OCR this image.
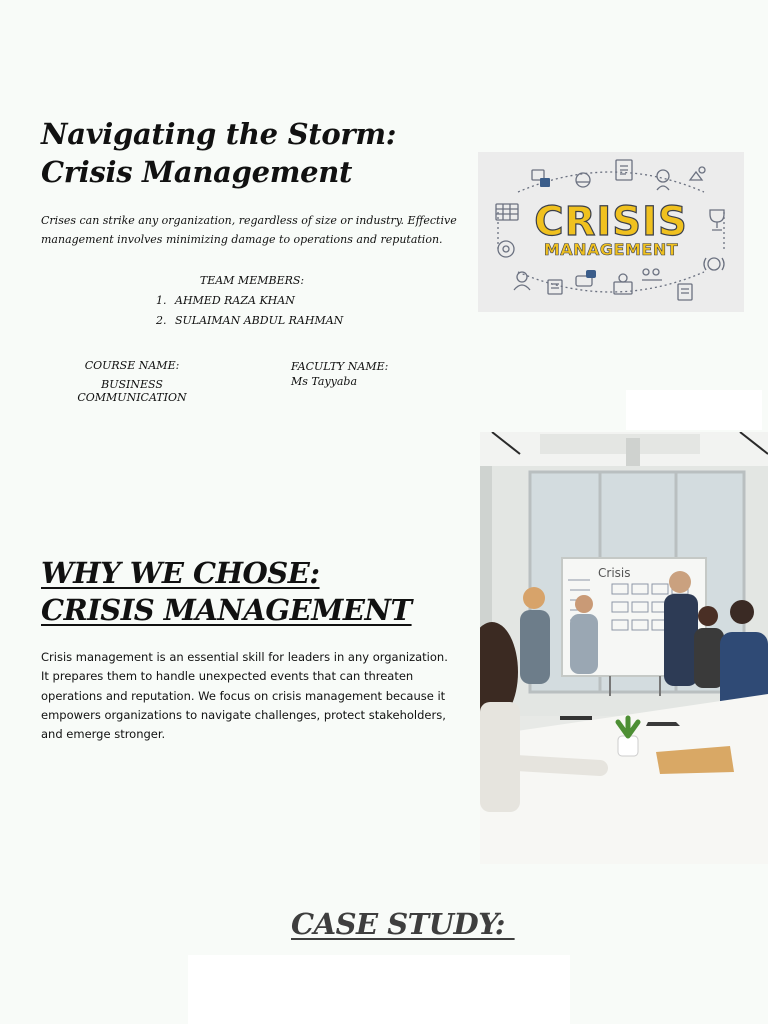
Navigating the Storm: Crisis Management

Crises can strike any organization, regardless of size or industry. Effective management involves minimizing damage to operations and reputation.

TEAM MEMBERS:
1. AHMED RAZA KHAN
2. SULAIMAN ABDUL RAHMAN
COURSE NAME:
BUSINESS COMMUNICATION
FACULTY NAME:
Ms Tayyaba
CRISIS
MANAGEMENT
WHY WE CHOSE: CRISIS MANAGEMENT

Crisis management is an essential skill for leaders in any organization. It prepares them to handle unexpected events that can threaten operations and reputation. We focus on crisis management because it empowers organizations to navigate challenges, protect stakeholders, and emerge stronger.

Crisis
CASE STUDY:
